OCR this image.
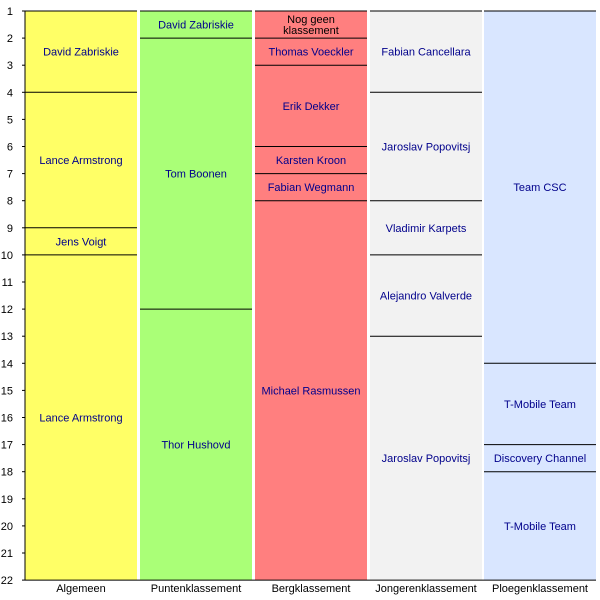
David Zabriskie
Lance Armstrong
Jens Voigt
Lance Armstrong
David Zabriskie
Tom Boonen
Thor Hushovd
Nog geen klassement
Thomas Voeckler
Erik Dekker
Karsten Kroon
Fabian Wegmann
Michael Rasmussen
Fabian Cancellara
Jaroslav Popovitsj
Vladimir Karpets
Alejandro Valverde
Jaroslav Popovitsj
Team CSC
T-Mobile Team
Discovery Channel
T-Mobile Team
1
2
3
4
5
6
7
8
9
10
11
12
13
14
15
16
17
18
19
20
21
22
Algemeen	Puntenklassement	Bergklassement Jongerenklassement Ploegenklassement
